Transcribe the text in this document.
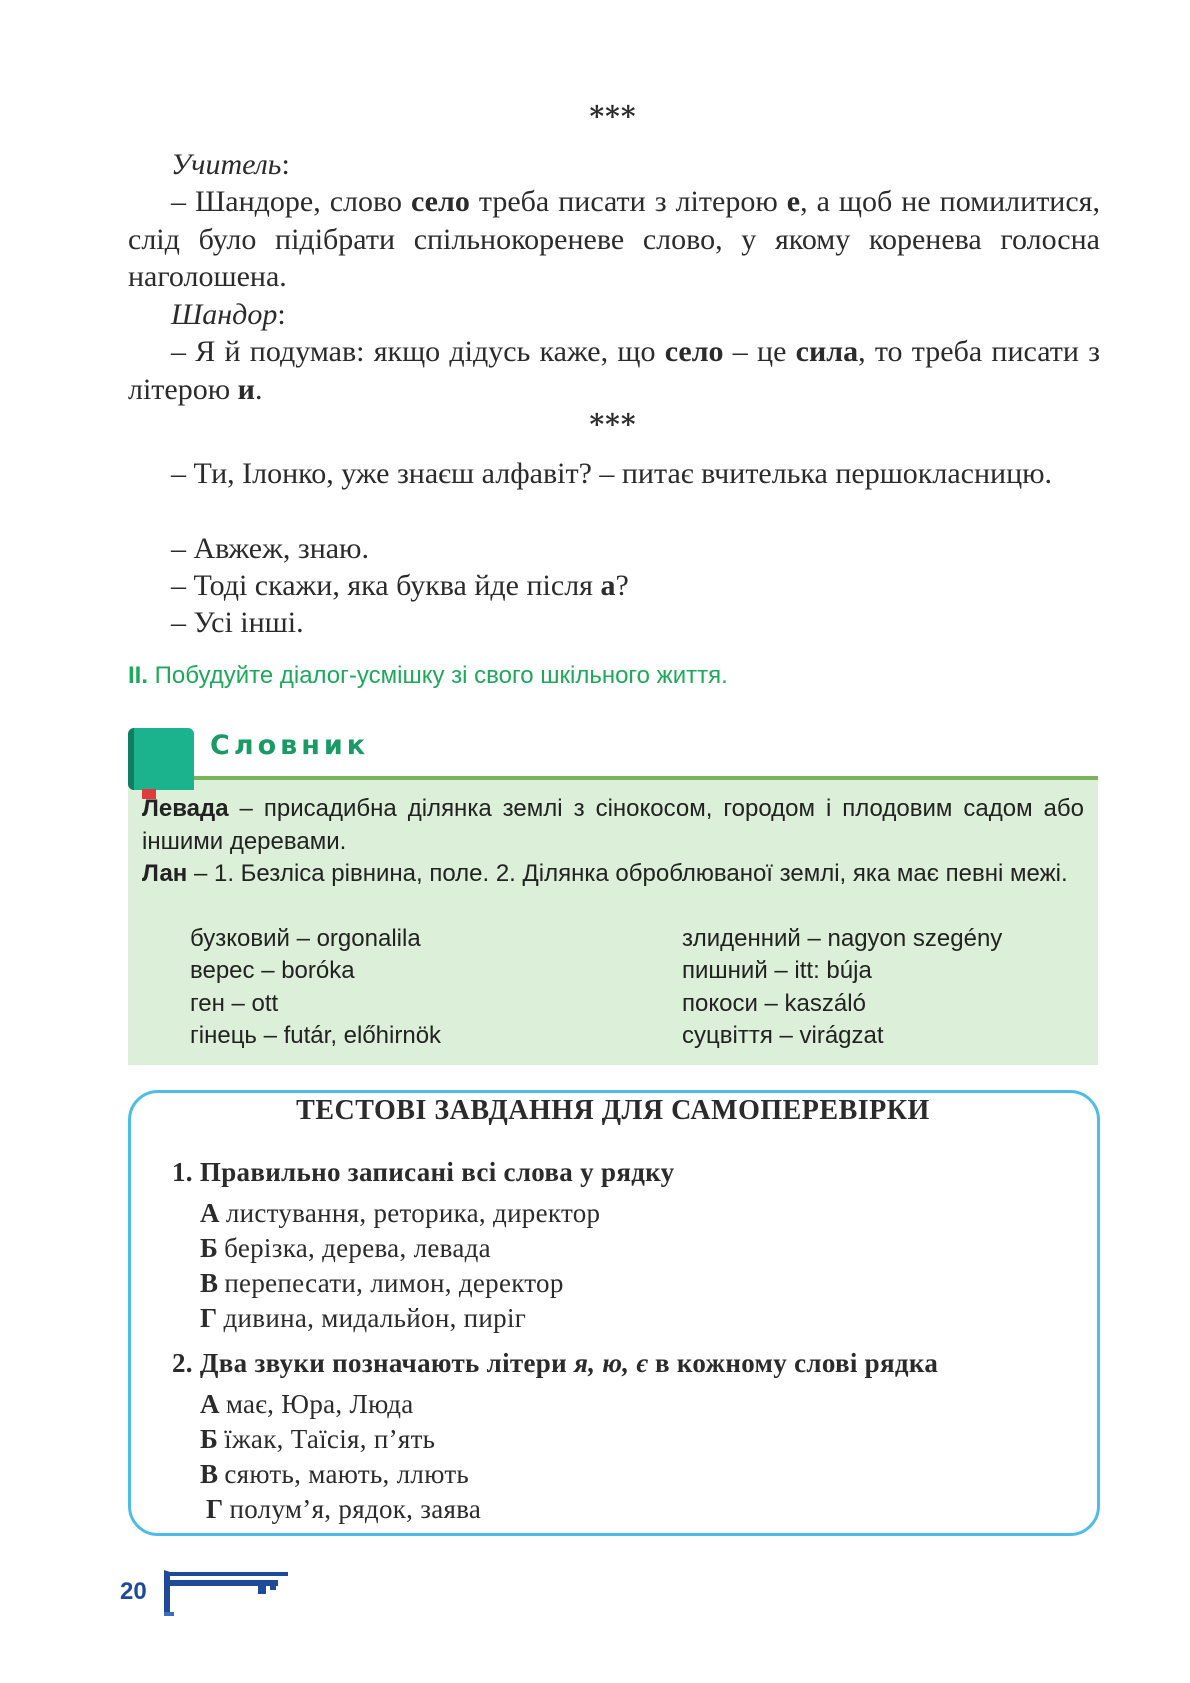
***
Учитель:
– Шандоре, слово село треба писати з літерою е, а щоб не помилитися, слід було підібрати спільнокореневе слово, у якому коренева голосна наголошена.
Шандор:
– Я й подумав: якщо дідусь каже, що село – це сила, то треба писати з літерою и.
***
– Ти, Ілонко, уже знаєш алфавіт? – питає вчителька першокласницю.
– Авжеж, знаю.
– Тоді скажи, яка буква йде після а?
– Усі інші.
II. Побудуйте діалог-усмішку зі свого шкільного життя.
Словник
Левада – присадибна ділянка землі з сінокосом, городом і плодовим садом або іншими деревами.
Лан – 1. Безліса рівнина, поле. 2. Ділянка оброблюваної землі, яка має певні межі.
бузковий – orgonalila
верес – boróka
ген – ott
гінець – futár, előhirnök
злиденний – nagyon szegény
пишний – itt: bújа
покоси – kaszáló
суцвіття – virágzat
ТЕСТОВІ ЗАВДАННЯ ДЛЯ САМОПЕРЕВІРКИ
1. Правильно записані всі слова у рядку
А листування, реторика, директор
Б берізка, дерева, левада
В перепесати, лимон, деректор
Г дивина, мидальйон, пиріг
2. Два звуки позначають літери я, ю, є в кожному слові рядка
А має, Юра, Люда
Б їжак, Таїсія, п’ять
В сяють, мають, ллють
Г полум’я, рядок, заява
20
